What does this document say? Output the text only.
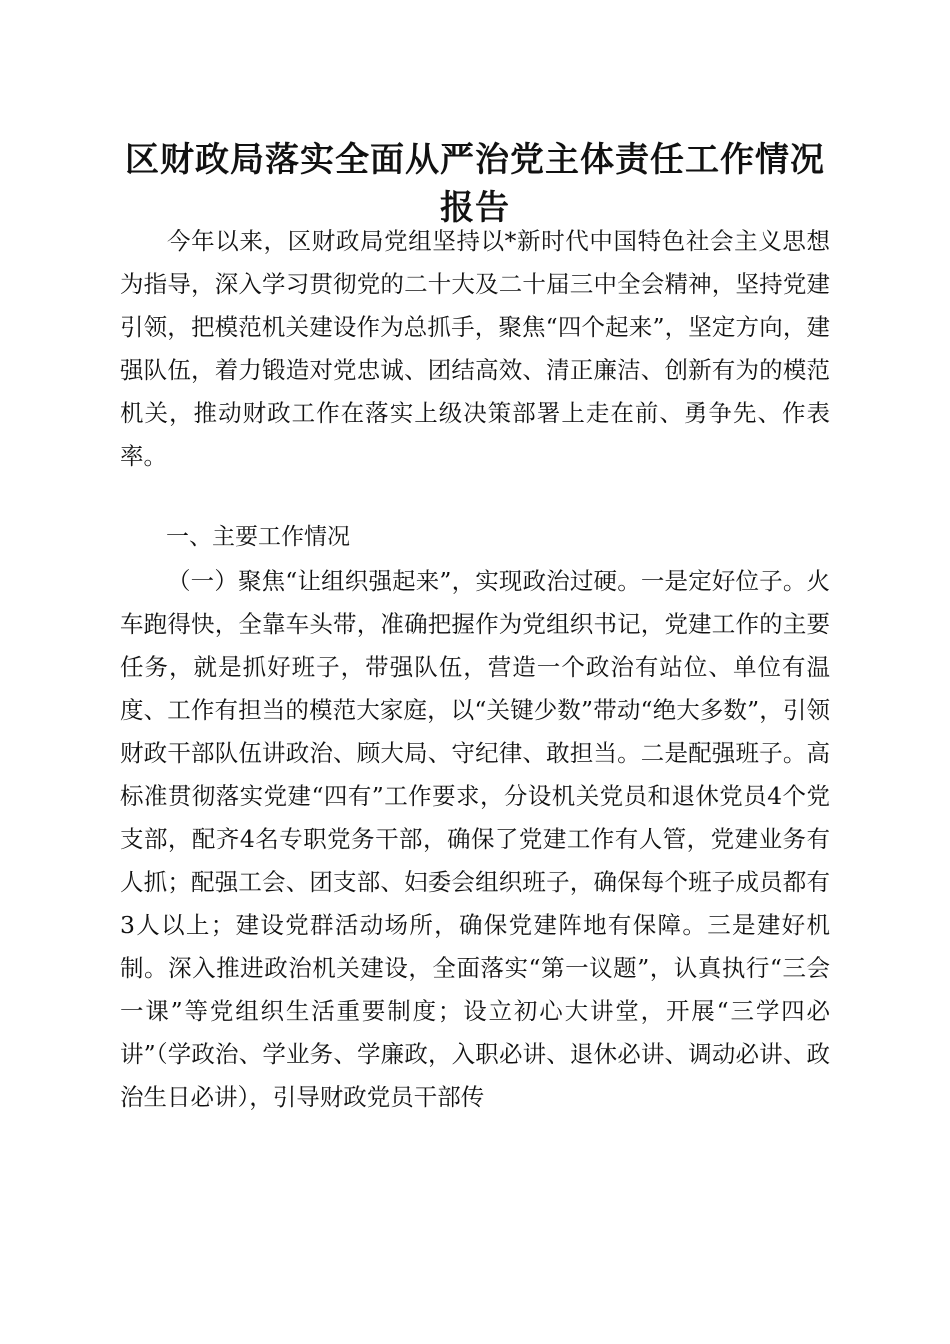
区财政局落实全面从严治党主体责任工作情况
报告

今年以来，区财政局党组坚持以*新时代中国特色社会主义思想为指导，深入学习贯彻党的二十大及二十届三中全会精神，坚持党建引领，把模范机关建设作为总抓手，聚焦“四个起来”，坚定方向，建强队伍，着力锻造对党忠诚、团结高效、清正廉洁、创新有为的模范机关，推动财政工作在落实上级决策部署上走在前、勇争先、作表率。

一、主要工作情况

（一）聚焦“让组织强起来”，实现政治过硬。一是定好位子。火车跑得快，全靠车头带，准确把握作为党组织书记，党建工作的主要任务，就是抓好班子，带强队伍，营造一个政治有站位、单位有温度、工作有担当的模范大家庭，以“关键少数”带动“绝大多数”，引领财政干部队伍讲政治、顾大局、守纪律、敢担当。二是配强班子。高标准贯彻落实党建“四有”工作要求，分设机关党员和退休党员4个党支部，配齐4名专职党务干部，确保了党建工作有人管，党建业务有人抓；配强工会、团支部、妇委会组织班子，确保每个班子成员都有3人以上；建设党群活动场所，确保党建阵地有保障。三是建好机制。深入推进政治机关建设，全面落实“第一议题”，认真执行“三会一课”等党组织生活重要制度；设立初心大讲堂，开展“三学四必讲”（学政治、学业务、学廉政，入职必讲、退休必讲、调动必讲、政治生日必讲），引导财政党员干部传
